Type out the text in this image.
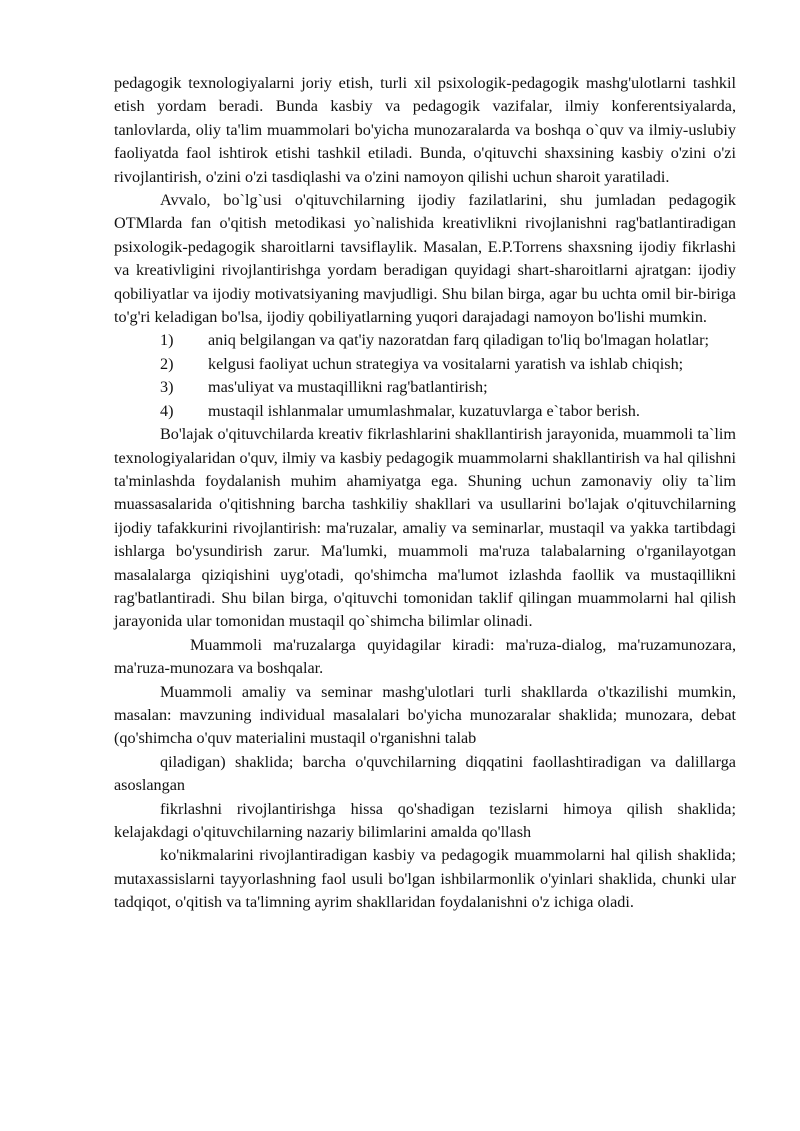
pedagogik texnologiyalarni joriy etish, turli xil psixologik-pedagogik mashg'ulotlarni tashkil etish yordam beradi. Bunda kasbiy va pedagogik vazifalar, ilmiy konferentsiyalarda, tanlovlarda, oliy ta'lim muammolari bo'yicha munozaralarda va boshqa o`quv va ilmiy-uslubiy faoliyatda faol ishtirok etishi tashkil etiladi. Bunda, o'qituvchi shaxsining kasbiy o'zini o'zi rivojlantirish, o'zini o'zi tasdiqlashi va o'zini namoyon qilishi uchun sharoit yaratiladi.

Avvalo, bo`lg`usi o'qituvchilarning ijodiy fazilatlarini, shu jumladan pedagogik OTMlarda fan o'qitish metodikasi yo`nalishida kreativlikni rivojlanishni rag'batlantiradigan psixologik-pedagogik sharoitlarni tavsiflaylik. Masalan, E.P.Torrens shaxsning ijodiy fikrlashi va kreativligini rivojlantirishga yordam beradigan quyidagi shart-sharoitlarni ajratgan: ijodiy qobiliyatlar va ijodiy motivatsiyaning mavjudligi. Shu bilan birga, agar bu uchta omil bir-biriga to'g'ri keladigan bo'lsa, ijodiy qobiliyatlarning yuqori darajadagi namoyon bo'lishi mumkin.

1) aniq belgilangan va qat'iy nazoratdan farq qiladigan to'liq bo'lmagan holatlar;

2) kelgusi faoliyat uchun strategiya va vositalarni yaratish va ishlab chiqish;

3) mas'uliyat va mustaqillikni rag'batlantirish;

4) mustaqil ishlanmalar umumlashmalar, kuzatuvlarga e`tabor berish.

Bo'lajak o'qituvchilarda kreativ fikrlashlarini shakllantirish jarayonida, muammoli ta`lim texnologiyalaridan o'quv, ilmiy va kasbiy pedagogik muammolarni shakllantirish va hal qilishni ta'minlashda foydalanish muhim ahamiyatga ega. Shuning uchun zamonaviy oliy ta`lim muassasalarida o'qitishning barcha tashkiliy shakllari va usullarini bo'lajak o'qituvchilarning ijodiy tafakkurini rivojlantirish: ma'ruzalar, amaliy va seminarlar, mustaqil va yakka tartibdagi ishlarga bo'ysundirish zarur. Ma'lumki, muammoli ma'ruza talabalarning o'rganilayotgan masalalarga qiziqishini uyg'otadi, qo'shimcha ma'lumot izlashda faollik va mustaqillikni rag'batlantiradi. Shu bilan birga, o'qituvchi tomonidan taklif qilingan muammolarni hal qilish jarayonida ular tomonidan mustaqil qo`shimcha bilimlar olinadi.

Muammoli ma'ruzalarga quyidagilar kiradi: ma'ruza-dialog, ma'ruzamunozara, ma'ruza-munozara va boshqalar.

Muammoli amaliy va seminar mashg'ulotlari turli shakllarda o'tkazilishi mumkin, masalan: mavzuning individual masalalari bo'yicha munozaralar shaklida; munozara, debat (qo'shimcha o'quv materialini mustaqil o'rganishni talab

qiladigan) shaklida; barcha o'quvchilarning diqqatini faollashtiradigan va dalillarga asoslangan

fikrlashni rivojlantirishga hissa qo'shadigan tezislarni himoya qilish shaklida; kelajakdagi o'qituvchilarning nazariy bilimlarini amalda qo'llash

ko'nikmalarini rivojlantiradigan kasbiy va pedagogik muammolarni hal qilish shaklida; mutaxassislarni tayyorlashning faol usuli bo'lgan ishbilarmonlik o'yinlari shaklida, chunki ular tadqiqot, o'qitish va ta'limning ayrim shakllaridan foydalanishni o'z ichiga oladi.
